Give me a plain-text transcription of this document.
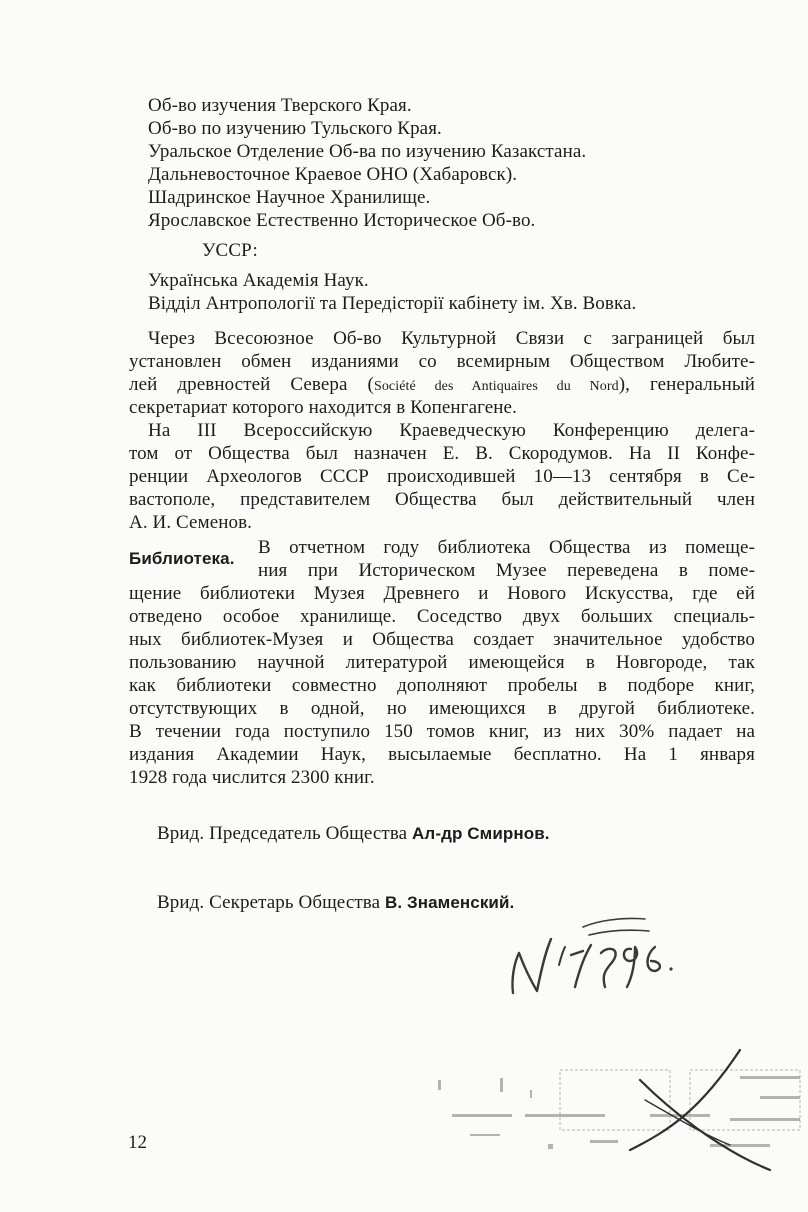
Об-во изучения Тверского Края.
Об-во по изучению Тульского Края.
Уральское Отделение Об-ва по изучению Казакстана.
Дальневосточное Краевое ОНО (Хабаровск).
Шадринское Научное Хранилище.
Ярославское Естественно Историческое Об-во.
УССР:
Українська Академія Наук.
Відділ Антропології та Передісторії кабінету ім. Хв. Вовка.
Через Всесоюзное Об-во Культурной Связи с заграницей был
установлен обмен изданиями со всемирным Обществом Любите-
лей древностей Севера (Société des Antiquaires du Nord), генеральный
секретариат которого находится в Копенгагене.
На III Всероссийскую Краеведческую Конференцию делега-
том от Общества был назначен Е. В. Скородумов. На II Конфе-
ренции Археологов СССР происходившей 10—13 сентября в Се-
вастополе, представителем Общества был действительный член
А. И. Семенов.
Библиотека.
В отчетном году библиотека Общества из помеще-
ния при Историческом Музее переведена в поме-
щение библиотеки Музея Древнего и Нового Искусства, где ей
отведено особое хранилище. Соседство двух больших специаль-
ных библиотек-Музея и Общества создает значительное удобство
пользованию научной литературой имеющейся в Новгороде, так
как библиотеки совместно дополняют пробелы в подборе книг,
отсутствующих в одной, но имеющихся в другой библиотеке.
В течении года поступило 150 томов книг, из них 30% падает на
издания Академии Наук, высылаемые бесплатно. На 1 января
1928 года числится 2300 книг.
Врид. Председатель Общества Ал-др Смирнов.
Врид. Секретарь Общества В. Знаменский.
12
